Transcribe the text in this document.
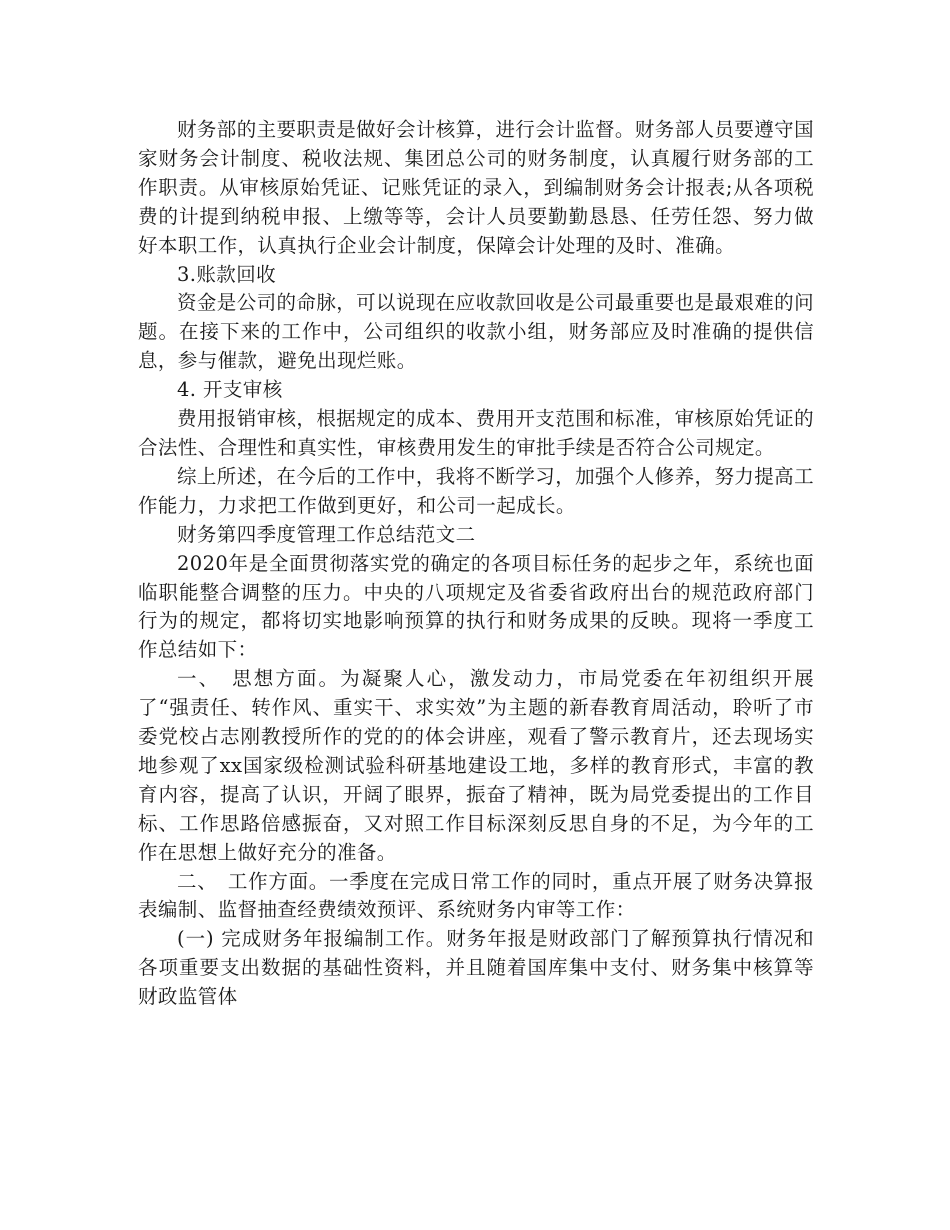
财务部的主要职责是做好会计核算，进行会计监督。财务部人员要遵守国家财务会计制度、税收法规、集团总公司的财务制度，认真履行财务部的工作职责。从审核原始凭证、记账凭证的录入，到编制财务会计报表;从各项税费的计提到纳税申报、上缴等等，会计人员要勤勤恳恳、任劳任怨、努力做好本职工作，认真执行企业会计制度，保障会计处理的及时、准确。

3.账款回收

资金是公司的命脉，可以说现在应收款回收是公司最重要也是最艰难的问题。在接下来的工作中，公司组织的收款小组，财务部应及时准确的提供信息，参与催款，避免出现烂账。

4. 开支审核

费用报销审核，根据规定的成本、费用开支范围和标准，审核原始凭证的合法性、合理性和真实性，审核费用发生的审批手续是否符合公司规定。

综上所述，在今后的工作中，我将不断学习，加强个人修养，努力提高工作能力，力求把工作做到更好，和公司一起成长。

财务第四季度管理工作总结范文二

2020年是全面贯彻落实党的确定的各项目标任务的起步之年，系统也面临职能整合调整的压力。中央的八项规定及省委省政府出台的规范政府部门行为的规定，都将切实地影响预算的执行和财务成果的反映。现将一季度工作总结如下：

一、　思想方面。为凝聚人心，激发动力，市局党委在年初组织开展了“强责任、转作风、重实干、求实效”为主题的新春教育周活动，聆听了市委党校占志刚教授所作的党的的体会讲座，观看了警示教育片，还去现场实地参观了xx国家级检测试验科研基地建设工地，多样的教育形式，丰富的教育内容，提高了认识，开阔了眼界，振奋了精神，既为局党委提出的工作目标、工作思路倍感振奋，又对照工作目标深刻反思自身的不足，为今年的工作在思想上做好充分的准备。

二、　工作方面。一季度在完成日常工作的同时，重点开展了财务决算报表编制、监督抽查经费绩效预评、系统财务内审等工作：

(一) 完成财务年报编制工作。财务年报是财政部门了解预算执行情况和各项重要支出数据的基础性资料，并且随着国库集中支付、财务集中核算等财政监管体
